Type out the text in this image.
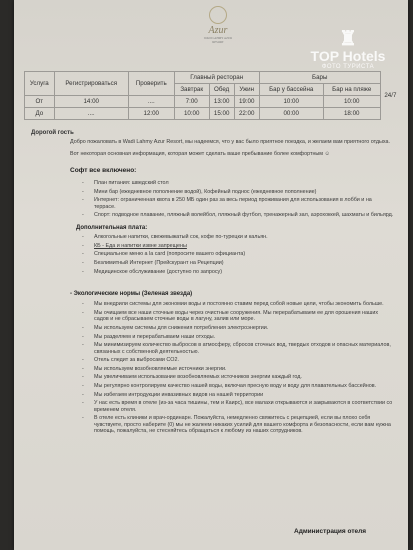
♜
TOP Hotels
ФОТО ТУРИСТА
Azur
WADI LAHMY AZUR RESORT
Услуга	Регистрироваться	Проверить	Главный ресторан			Бары		24/7
			Завтрак	Обед	Ужин	Бар у бассейна	Бар на пляже	
От	14:00	....	7:00	13:00	19:00	10:00	10:00	
До	....	12:00	10:00	15:00	22:00	00:00	18:00	
Дорогой гость

Добро пожаловать в Wadi Lahmy Azur Resort, мы надеемся, что у вас было приятное поездка, и желаем вам приятного отдыха.

Вот некоторая основная информация, которая может сделать ваше пребывание более комфортным ☺

Софт все включено:
- План питания: шведский стол
- Мини бар (ежедневное пополнение водой), Кофейный поднос (ежедневное пополнение)
- Интернет: ограниченная квота в 250 МБ один раз за весь период проживания для использования в лобби и на террасе.
- Спорт: подводное плавание, пляжный волейбол, пляжный футбол, тренажерный зал, аэрохоккей, шахматы и бильярд.
Дополнительная плата:
- Алкогольные напитки, свежевыжатый сок, кофе по-турецки и кальян.
- КБ - Еда и напитки извне запрещены
- Специальное меню а la card (попросите вашего официанта)
- Безлимитный Интернет (Прейскурант на Рецепции)
- Медицинское обслуживание (доступно по запросу)
- Экологические нормы (Зеленая звезда)
- Мы внедрили системы для экономии воды и постоянно ставим перед собой новые цели, чтобы экономить больше.
- Мы очищаем все наши сточные воды через очистные сооружения. Мы перерабатываем ее для орошения наших садов и не сбрасываем сточные воды в лагуну, залив или море.
- Мы используем системы для снижения потребления электроэнергии.
- Мы разделяем и перерабатываем наши отходы.
- Мы минимизируем количество выбросов в атмосферу, сбросов сточных вод, твердых отходов и опасных материалов, связанных с собственной деятельностью.
- Отель следит за выбросами CO2.
- Мы используем возобновляемые источники энергии.
- Мы увеличиваем использование возобновляемых источников энергии каждый год.
- Мы регулярно контролируем качество нашей воды, включая пресную воду и воду для плавательных бассейнов.
- Мы избегаем интродукции инвазивных видов на нашей территории
- У нас есть время в отеле (из-за часа тишины, тем и Каирс), все малахи открываются и закрываются в соответствии со временем отеля.
- В отеле есть клиники и врач-ординарн. Пожалуйста, немедленно свяжитесь с рецепцией, если вы плохо себя чувствуете, просто наберите (0) мы не жалеем никаких усилий для вашего комфорта и безопасности, если вам нужна помощь, пожалуйста, не стесняйтесь обращаться к любому из наших сотрудников.
Администрация отеля
